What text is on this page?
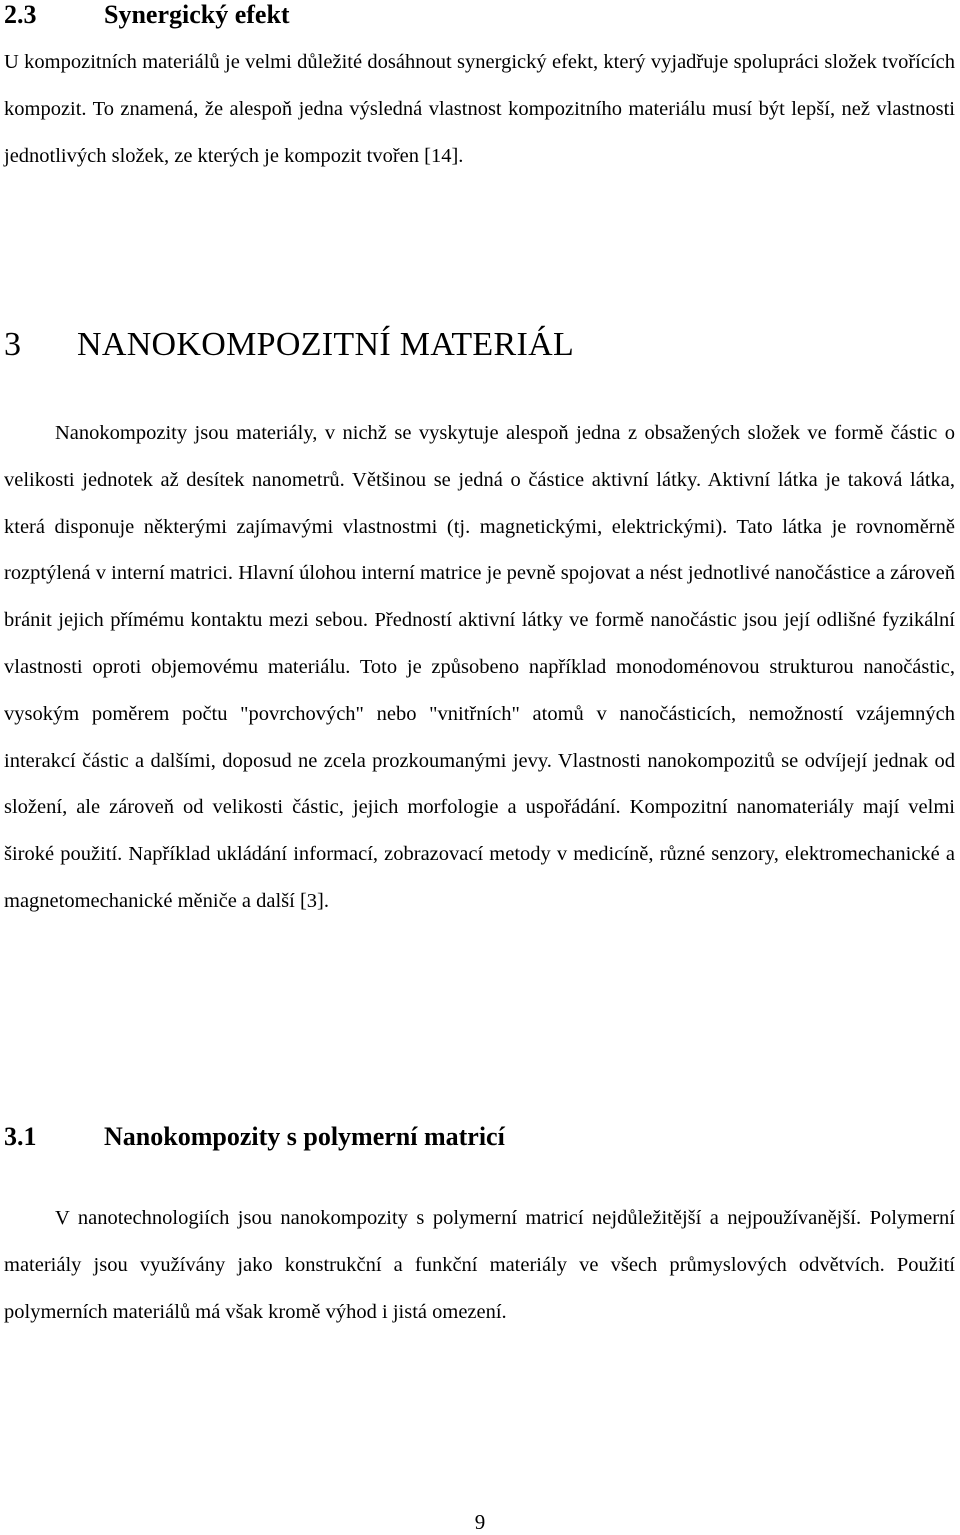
2.3	Synergický efekt

U kompozitních materiálů je velmi důležité dosáhnout synergický efekt, který vyjadřuje spolupráci složek tvořících kompozit. To znamená, že alespoň jedna výsledná vlastnost kompozitního materiálu musí být lepší, než vlastnosti jednotlivých složek, ze kterých je kompozit tvořen [14].

3 NANOKOMPOZITNÍ MATERIÁL

Nanokompozity jsou materiály, v nichž se vyskytuje alespoň jedna z obsažených složek ve formě částic o velikosti jednotek až desítek nanometrů. Většinou se jedná o částice aktivní látky. Aktivní látka je taková látka, která disponuje některými zajímavými vlastnostmi (tj. magnetickými, elektrickými). Tato látka je rovnoměrně rozptýlená v interní matrici. Hlavní úlohou interní matrice je pevně spojovat a nést jednotlivé nanočástice a zároveň bránit jejich přímému kontaktu mezi sebou. Předností aktivní látky ve formě nanočástic jsou její odlišné fyzikální vlastnosti oproti objemovému materiálu. Toto je způsobeno například monodoménovou strukturou nanočástic, vysokým poměrem počtu "povrchových" nebo "vnitřních" atomů v nanočásticích, nemožností vzájemných interakcí částic a dalšími, doposud ne zcela prozkoumanými jevy. Vlastnosti nanokompozitů se odvíjejí jednak od složení, ale zároveň od velikosti částic, jejich morfologie a uspořádání. Kompozitní nanomateriály mají velmi široké použití. Například ukládání informací, zobrazovací metody v medicíně, různé senzory, elektromechanické a magnetomechanické měniče a další [3].

3.1	Nanokompozity s polymerní matricí

V nanotechnologiích jsou nanokompozity s polymerní matricí nejdůležitější a nejpoužívanější. Polymerní materiály jsou využívány jako konstrukční a funkční materiály ve všech průmyslových odvětvích. Použití polymerních materiálů má však kromě výhod i jistá omezení.

9
